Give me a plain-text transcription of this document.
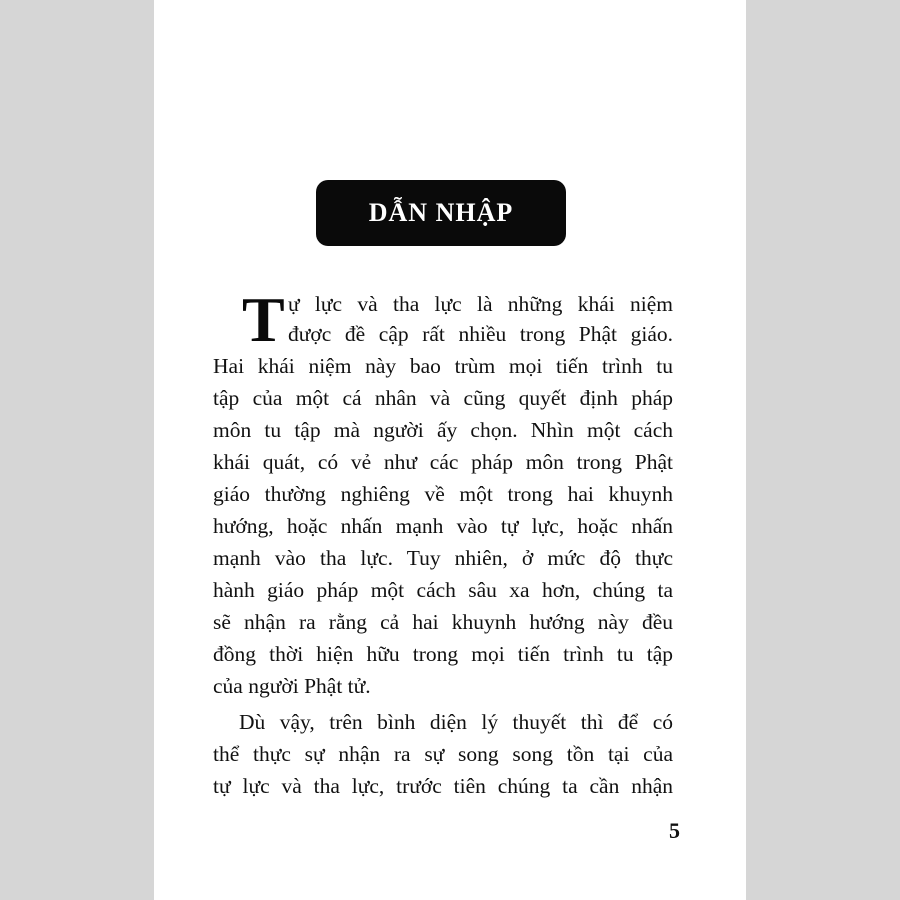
DẪN NHẬP
T ự lực và tha lực là những khái niệm
được đề cập rất nhiều trong Phật giáo.
Hai khái niệm này bao trùm mọi tiến trình tu
tập của một cá nhân và cũng quyết định pháp
môn tu tập mà người ấy chọn. Nhìn một cách
khái quát, có vẻ như các pháp môn trong Phật
giáo thường nghiêng về một trong hai khuynh
hướng, hoặc nhấn mạnh vào tự lực, hoặc nhấn
mạnh vào tha lực. Tuy nhiên, ở mức độ thực
hành giáo pháp một cách sâu xa hơn, chúng ta
sẽ nhận ra rằng cả hai khuynh hướng này đều
đồng thời hiện hữu trong mọi tiến trình tu tập
của người Phật tử.
Dù vậy, trên bình diện lý thuyết thì để có
thể thực sự nhận ra sự song song tồn tại của
tự lực và tha lực, trước tiên chúng ta cần nhận
5
